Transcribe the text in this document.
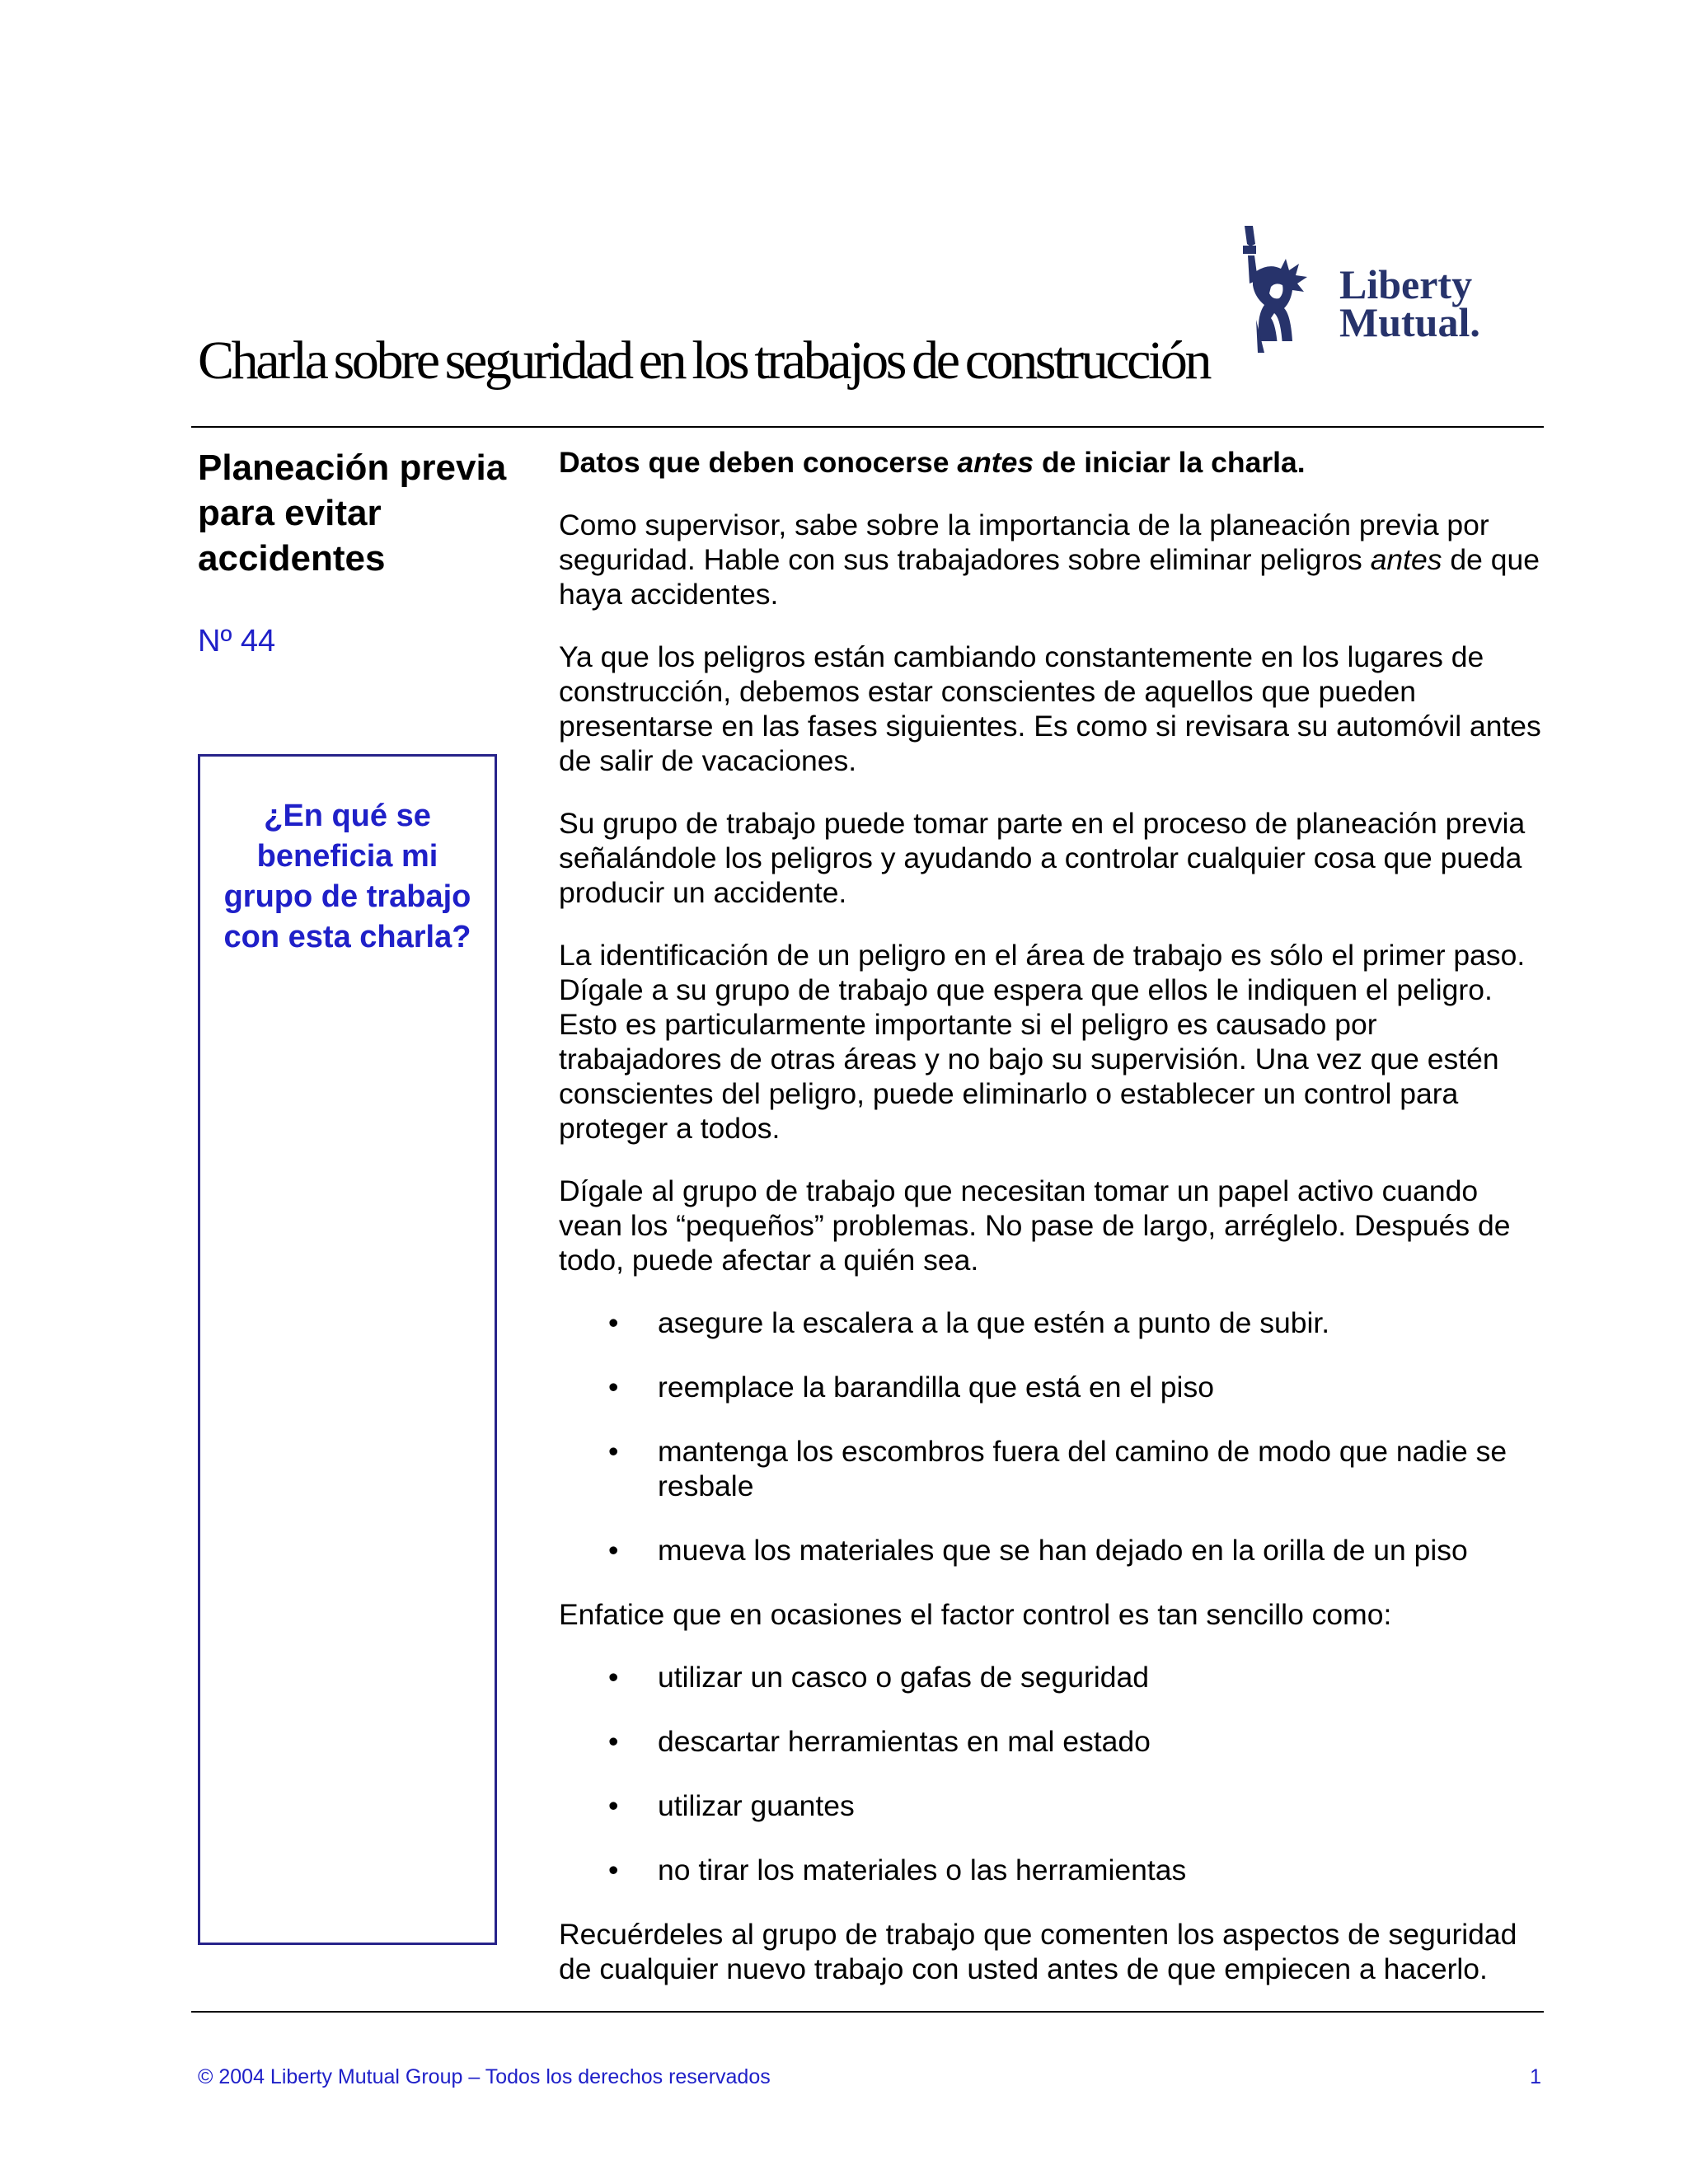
Liberty
Mutual.
Charla sobre seguridad en los trabajos de construcción
Planeación previa
para evitar
accidentes
Nº 44
¿En qué se beneficia mi grupo de trabajo con esta charla?

Datos que deben conocerse antes de iniciar la charla.

Como supervisor, sabe sobre la importancia de la planeación previa por seguridad. Hable con sus trabajadores sobre eliminar peligros antes de que haya accidentes.

Ya que los peligros están cambiando constantemente en los lugares de construcción, debemos estar conscientes de aquellos que pueden presentarse en las fases siguientes. Es como si revisara su automóvil antes de salir de vacaciones.

Su grupo de trabajo puede tomar parte en el proceso de planeación previa señalándole los peligros y ayudando a controlar cualquier cosa que pueda producir un accidente.

La identificación de un peligro en el área de trabajo es sólo el primer paso. Dígale a su grupo de trabajo que espera que ellos le indiquen el peligro. Esto es particularmente importante si el peligro es causado por trabajadores de otras áreas y no bajo su supervisión. Una vez que estén conscientes del peligro, puede eliminarlo o establecer un control para proteger a todos.

Dígale al grupo de trabajo que necesitan tomar un papel activo cuando vean los “pequeños” problemas. No pase de largo, arréglelo. Después de todo, puede afectar a quién sea.

• asegure la escalera a la que estén a punto de subir.
• reemplace la barandilla que está en el piso
• mantenga los escombros fuera del camino de modo que nadie se resbale
• mueva los materiales que se han dejado en la orilla de un piso

Enfatice que en ocasiones el factor control es tan sencillo como:

• utilizar un casco o gafas de seguridad
• descartar herramientas en mal estado
• utilizar guantes
• no tirar los materiales o las herramientas

Recuérdeles al grupo de trabajo que comenten los aspectos de seguridad de cualquier nuevo trabajo con usted antes de que empiecen a hacerlo.

© 2004 Liberty Mutual Group – Todos los derechos reservados	1
